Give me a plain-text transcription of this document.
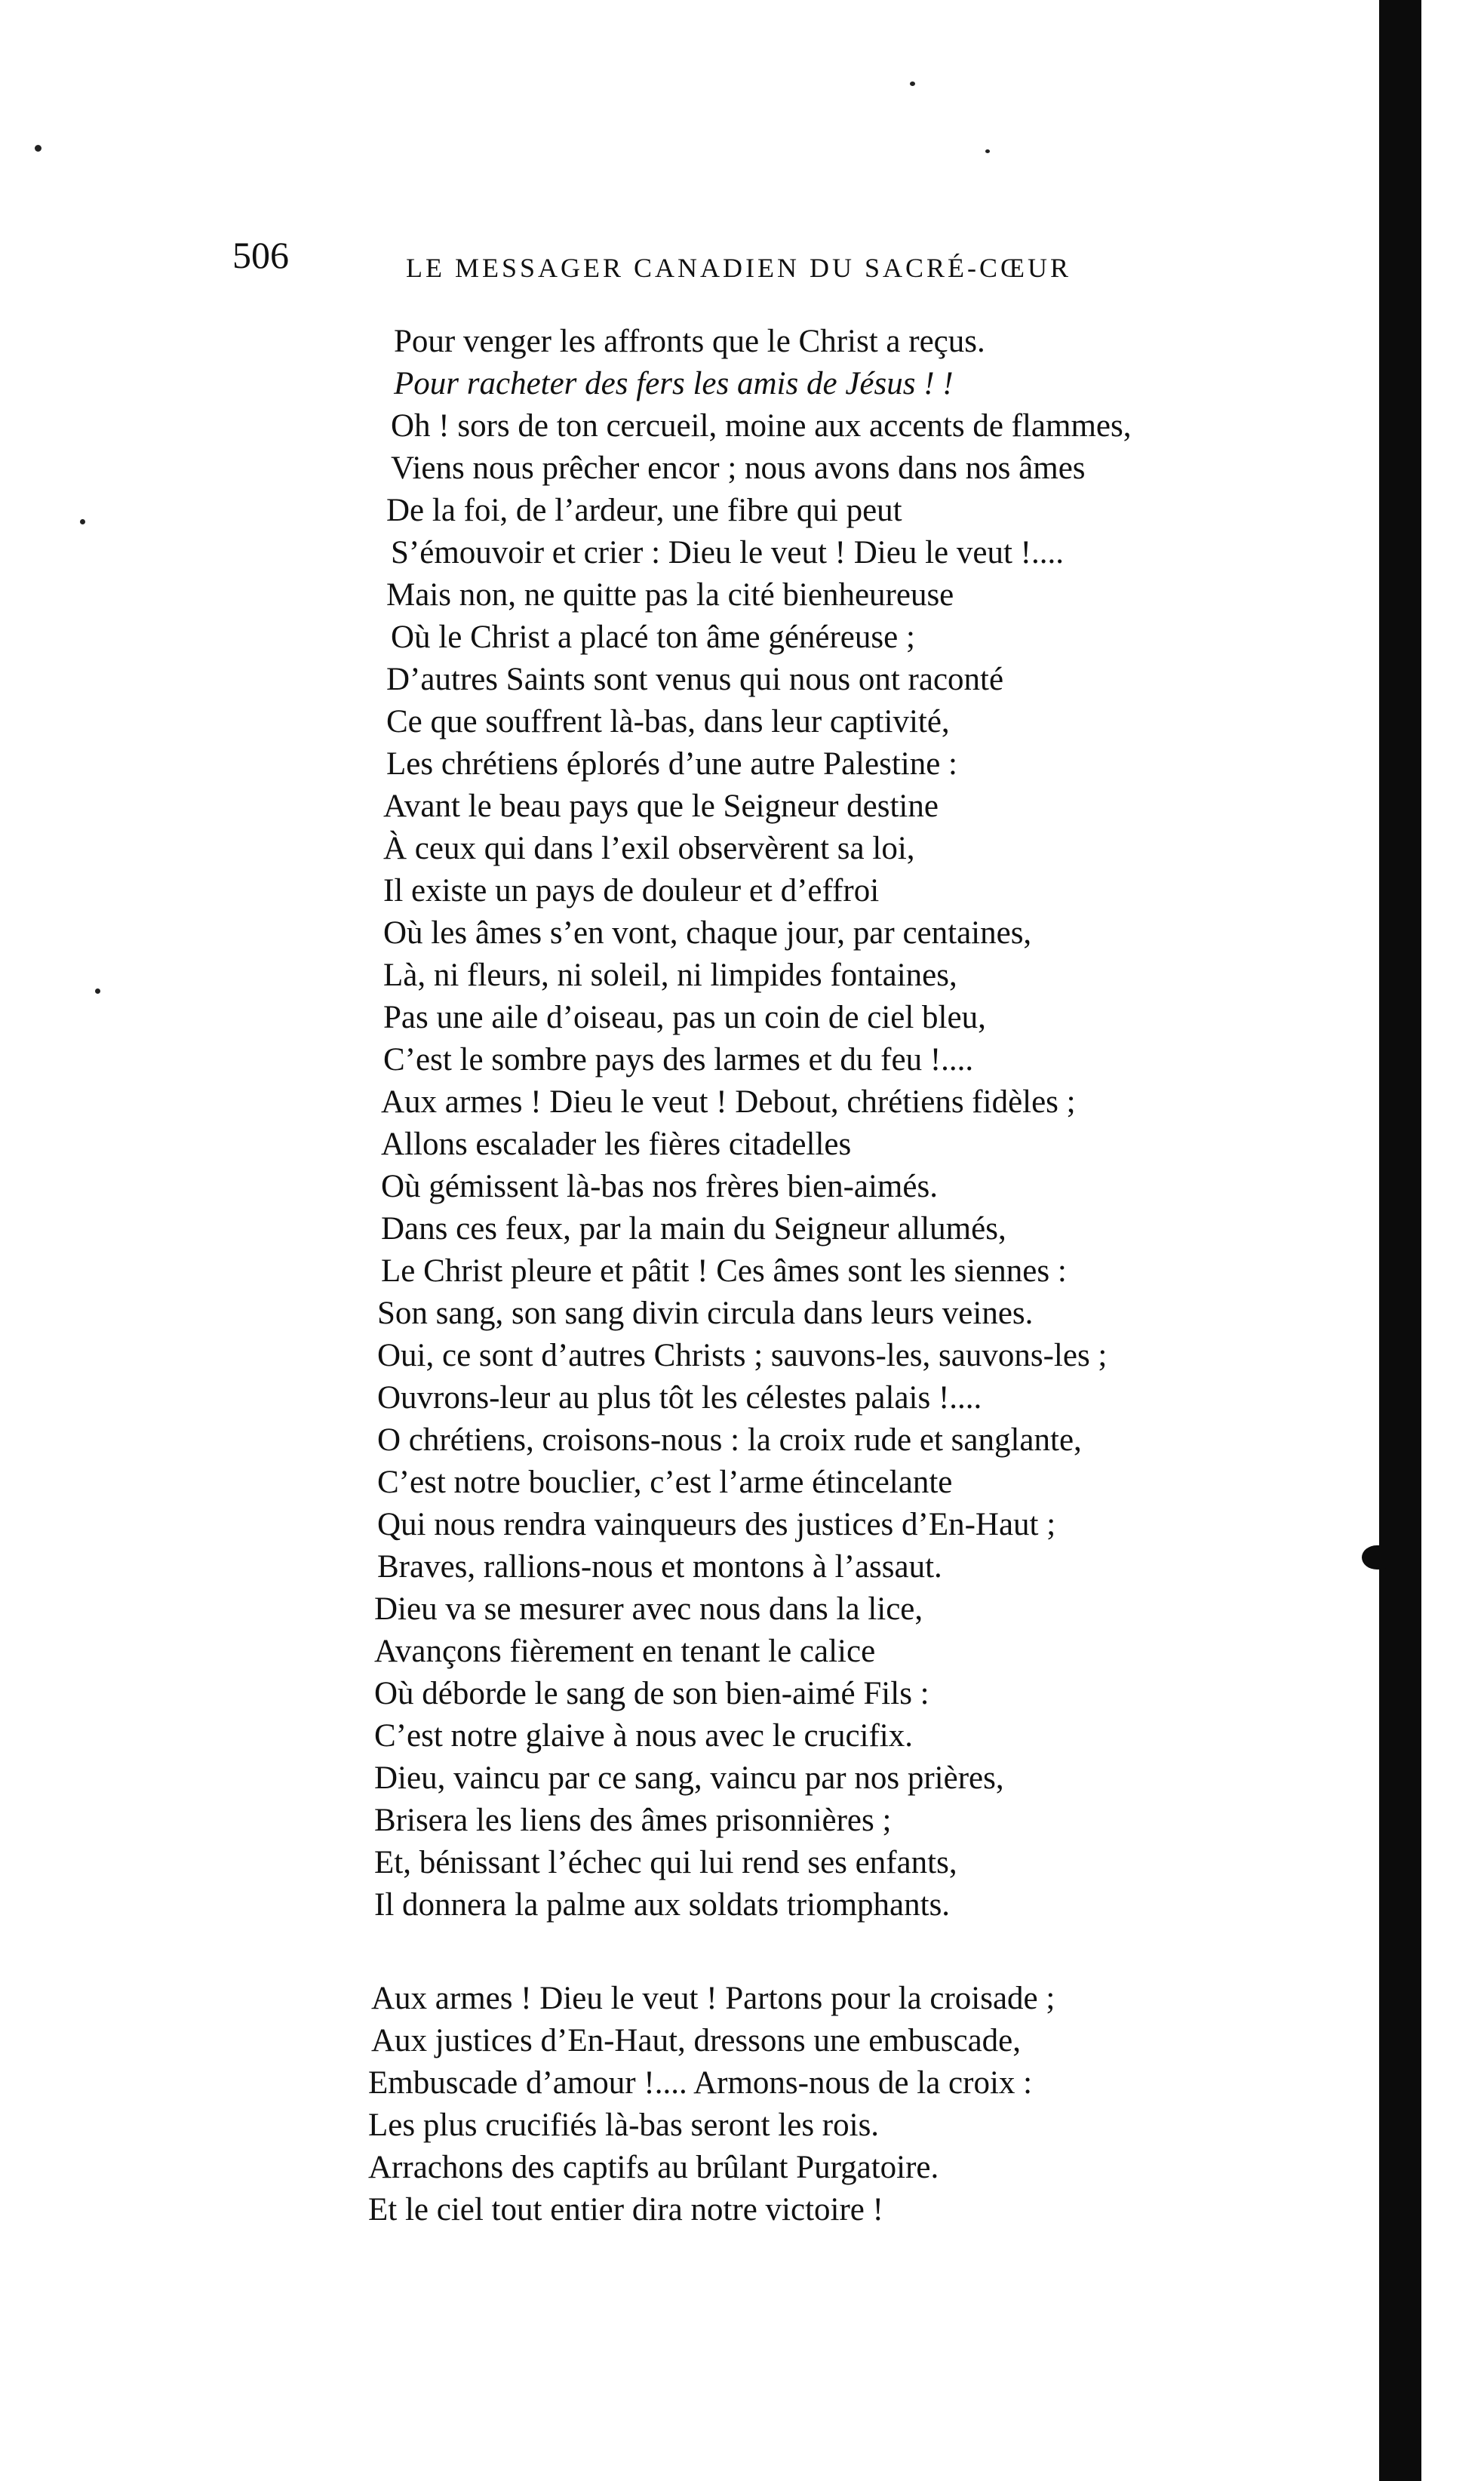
506	LE MESSAGER CANADIEN DU SACRÉ-CŒUR
Pour venger les affronts que le Christ a reçus.
Pour racheter des fers les amis de Jésus ! !
Oh ! sors de ton cercueil, moine aux accents de flammes,
Viens nous prêcher encor ; nous avons dans nos âmes
De la foi, de l’ardeur, une fibre qui peut
S’émouvoir et crier : Dieu le veut ! Dieu le veut !....
Mais non, ne quitte pas la cité bienheureuse
Où le Christ a placé ton âme généreuse ;
D’autres Saints sont venus qui nous ont raconté
Ce que souffrent là-bas, dans leur captivité,
Les chrétiens éplorés d’une autre Palestine :
Avant le beau pays que le Seigneur destine
À ceux qui dans l’exil observèrent sa loi,
Il existe un pays de douleur et d’effroi
Où les âmes s’en vont, chaque jour, par centaines,
Là, ni fleurs, ni soleil, ni limpides fontaines,
Pas une aile d’oiseau, pas un coin de ciel bleu,
C’est le sombre pays des larmes et du feu !....
Aux armes ! Dieu le veut ! Debout, chrétiens fidèles ;
Allons escalader les fières citadelles
Où gémissent là-bas nos frères bien-aimés.
Dans ces feux, par la main du Seigneur allumés,
Le Christ pleure et pâtit ! Ces âmes sont les siennes :
Son sang, son sang divin circula dans leurs veines.
Oui, ce sont d’autres Christs ; sauvons-les, sauvons-les ;
Ouvrons-leur au plus tôt les célestes palais !....
O chrétiens, croisons-nous : la croix rude et sanglante,
C’est notre bouclier, c’est l’arme étincelante
Qui nous rendra vainqueurs des justices d’En-Haut ;
Braves, rallions-nous et montons à l’assaut.
Dieu va se mesurer avec nous dans la lice,
Avançons fièrement en tenant le calice
Où déborde le sang de son bien-aimé Fils :
C’est notre glaive à nous avec le crucifix.
Dieu, vaincu par ce sang, vaincu par nos prières,
Brisera les liens des âmes prisonnières ;
Et, bénissant l’échec qui lui rend ses enfants,
Il donnera la palme aux soldats triomphants.
Aux armes ! Dieu le veut ! Partons pour la croisade ;
Aux justices d’En-Haut, dressons une embuscade,
Embuscade d’amour !.... Armons-nous de la croix :
Les plus crucifiés là-bas seront les rois.
Arrachons des captifs au brûlant Purgatoire.
Et le ciel tout entier dira notre victoire !
